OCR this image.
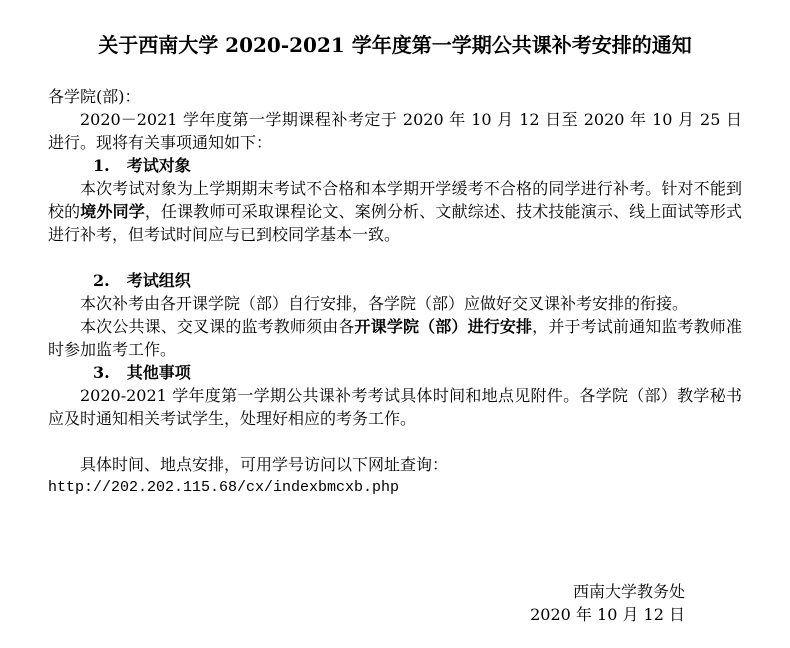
关于西南大学 2020-2021 学年度第一学期公共课补考安排的通知

各学院(部)：

2020－2021 学年度第一学期课程补考定于 2020 年 10 月 12 日至 2020 年 10 月 25 日进行。现将有关事项通知如下：

1. 考试对象

本次考试对象为上学期期末考试不合格和本学期开学缓考不合格的同学进行补考。针对不能到校的境外同学，任课教师可采取课程论文、案例分析、文献综述、技术技能演示、线上面试等形式进行补考，但考试时间应与已到校同学基本一致。

2. 考试组织

本次补考由各开课学院（部）自行安排，各学院（部）应做好交叉课补考安排的衔接。

本次公共课、交叉课的监考教师须由各开课学院（部）进行安排，并于考试前通知监考教师准时参加监考工作。

3. 其他事项

2020-2021 学年度第一学期公共课补考考试具体时间和地点见附件。各学院（部）教学秘书应及时通知相关考试学生，处理好相应的考务工作。

具体时间、地点安排，可用学号访问以下网址查询：

http://202.202.115.68/cx/indexbmcxb.php

西南大学教务处
2020 年 10 月 12 日
